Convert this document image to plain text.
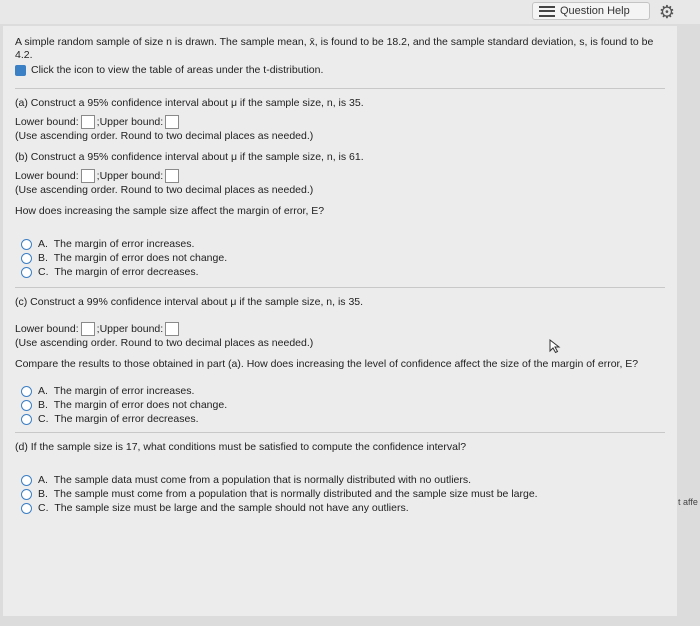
Question Help ⚙
A simple random sample of size n is drawn. The sample mean, x̄, is found to be 18.2, and the sample standard deviation, s, is found to be 4.2.
Click the icon to view the table of areas under the t-distribution.
(a) Construct a 95% confidence interval about μ if the sample size, n, is 35.
Lower bound: ; Upper bound:
(Use ascending order. Round to two decimal places as needed.)
(b) Construct a 95% confidence interval about μ if the sample size, n, is 61.
Lower bound: ; Upper bound:
(Use ascending order. Round to two decimal places as needed.)
How does increasing the sample size affect the margin of error, E?
A.
The margin of error increases.
B.
The margin of error does not change.
C.
The margin of error decreases.
(c) Construct a 99% confidence interval about μ if the sample size, n, is 35.
Lower bound: ; Upper bound:
(Use ascending order. Round to two decimal places as needed.)
Compare the results to those obtained in part (a). How does increasing the level of confidence affect the size of the margin of error, E?
A.
The margin of error increases.
B.
The margin of error does not change.
C.
The margin of error decreases.
(d) If the sample size is 17, what conditions must be satisfied to compute the confidence interval?
A.
The sample data must come from a population that is normally distributed with no outliers.
B.
The sample must come from a population that is normally distributed and the sample size must be large.
C.
The sample size must be large and the sample should not have any outliers.	t affe
